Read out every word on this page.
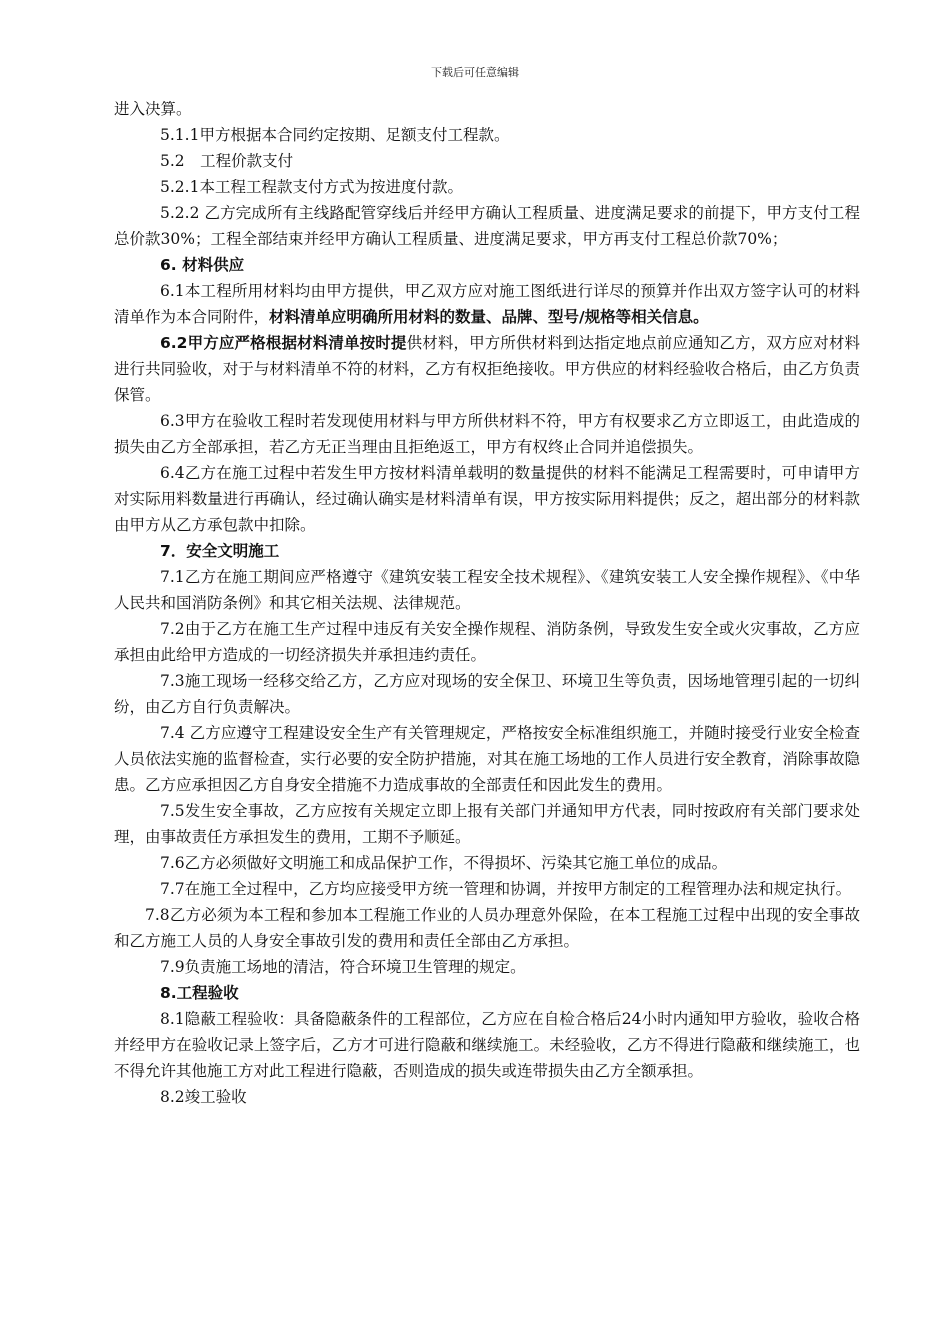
下载后可任意编辑

进入决算。

5.1.1甲方根据本合同约定按期、足额支付工程款。

5.2　工程价款支付

5.2.1本工程工程款支付方式为按进度付款。

5.2.2 乙方完成所有主线路配管穿线后并经甲方确认工程质量、进度满足要求的前提下，甲方支付工程总价款30%；工程全部结束并经甲方确认工程质量、进度满足要求，甲方再支付工程总价款70%；

6. 材料供应

6.1本工程所用材料均由甲方提供，甲乙双方应对施工图纸进行详尽的预算并作出双方签字认可的材料清单作为本合同附件，材料清单应明确所用材料的数量、品牌、型号/规格等相关信息。

6.2甲方应严格根据材料清单按时提供材料，甲方所供材料到达指定地点前应通知乙方，双方应对材料进行共同验收，对于与材料清单不符的材料，乙方有权拒绝接收。甲方供应的材料经验收合格后，由乙方负责保管。

6.3甲方在验收工程时若发现使用材料与甲方所供材料不符，甲方有权要求乙方立即返工，由此造成的损失由乙方全部承担，若乙方无正当理由且拒绝返工，甲方有权终止合同并追偿损失。

6.4乙方在施工过程中若发生甲方按材料清单载明的数量提供的材料不能满足工程需要时，可申请甲方对实际用料数量进行再确认，经过确认确实是材料清单有误，甲方按实际用料提供；反之，超出部分的材料款由甲方从乙方承包款中扣除。

7．安全文明施工

7.1乙方在施工期间应严格遵守《建筑安装工程安全技术规程》、《建筑安装工人安全操作规程》、《中华人民共和国消防条例》和其它相关法规、法律规范。

7.2由于乙方在施工生产过程中违反有关安全操作规程、消防条例，导致发生安全或火灾事故，乙方应承担由此给甲方造成的一切经济损失并承担违约责任。

7.3施工现场一经移交给乙方，乙方应对现场的安全保卫、环境卫生等负责，因场地管理引起的一切纠纷，由乙方自行负责解决。

7.4 乙方应遵守工程建设安全生产有关管理规定，严格按安全标准组织施工，并随时接受行业安全检查人员依法实施的监督检查，实行必要的安全防护措施，对其在施工场地的工作人员进行安全教育，消除事故隐患。乙方应承担因乙方自身安全措施不力造成事故的全部责任和因此发生的费用。

7.5发生安全事故，乙方应按有关规定立即上报有关部门并通知甲方代表，同时按政府有关部门要求处理，由事故责任方承担发生的费用，工期不予顺延。

7.6乙方必须做好文明施工和成品保护工作，不得损坏、污染其它施工单位的成品。

7.7在施工全过程中，乙方均应接受甲方统一管理和协调，并按甲方制定的工程管理办法和规定执行。

7.8乙方必须为本工程和参加本工程施工作业的人员办理意外保险，在本工程施工过程中出现的安全事故和乙方施工人员的人身安全事故引发的费用和责任全部由乙方承担。

7.9负责施工场地的清洁，符合环境卫生管理的规定。

8.工程验收

8.1隐蔽工程验收：具备隐蔽条件的工程部位，乙方应在自检合格后24小时内通知甲方验收，验收合格并经甲方在验收记录上签字后，乙方才可进行隐蔽和继续施工。未经验收，乙方不得进行隐蔽和继续施工，也不得允许其他施工方对此工程进行隐蔽，否则造成的损失或连带损失由乙方全额承担。

8.2竣工验收
